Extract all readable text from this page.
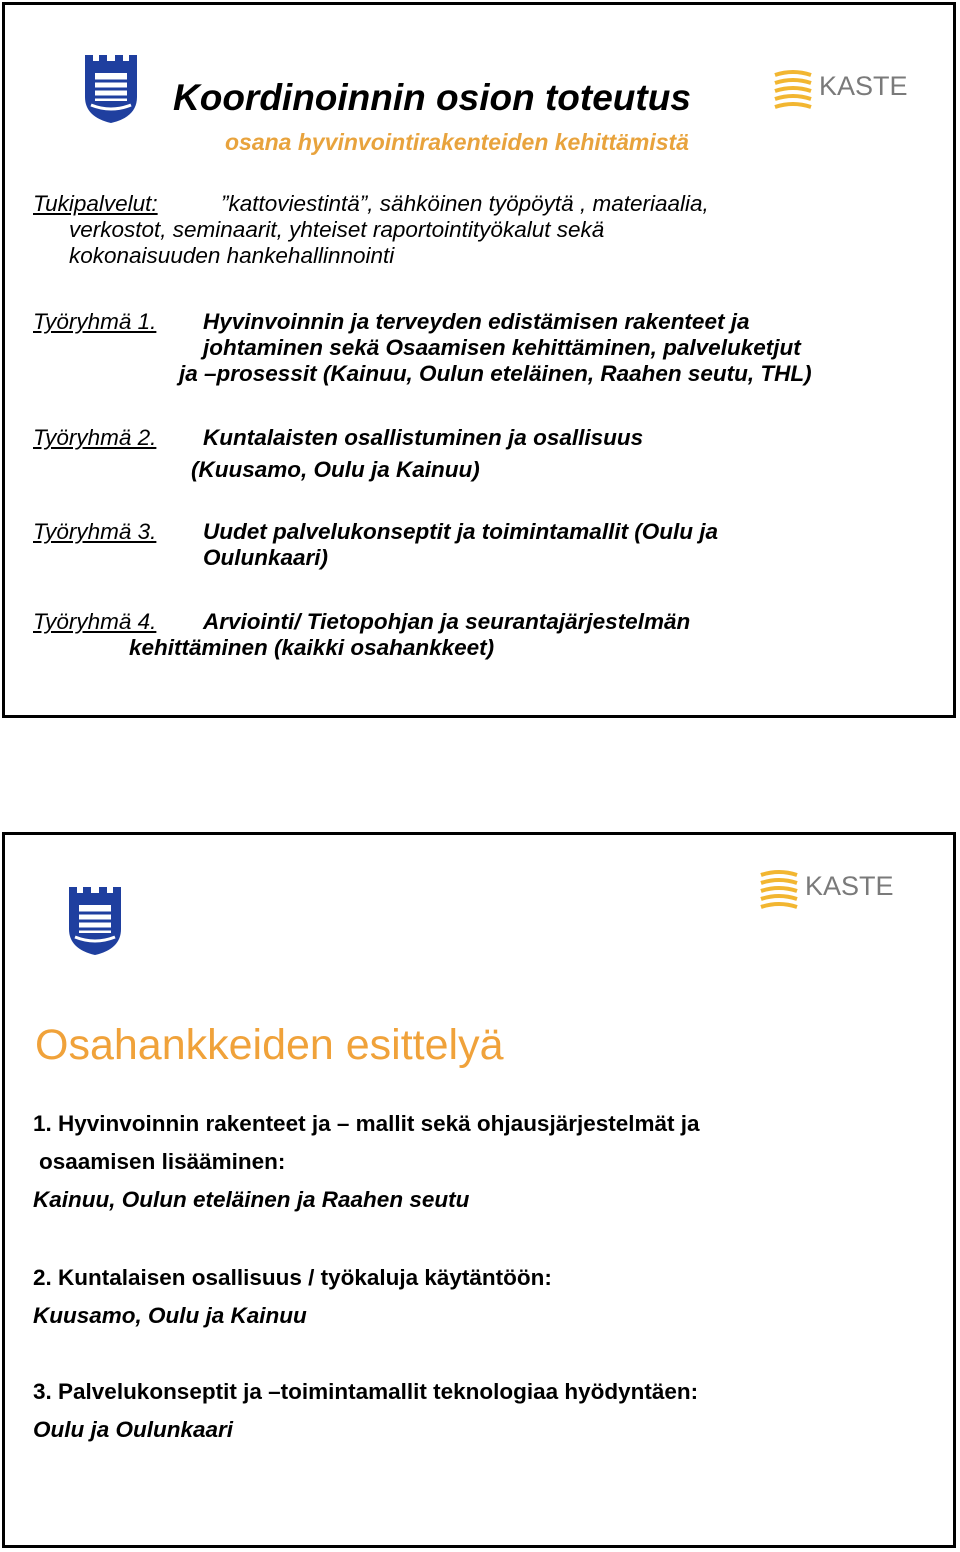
KASTE
Koordinoinnin osion toteutus
osana hyvinvointirakenteiden kehittämistä
Tukipalvelut:	”kattoviestintä”, sähköinen työpöytä , materiaalia,
verkostot, seminaarit, yhteiset raportointityökalut sekä
kokonaisuuden hankehallinnointi
Työryhmä 1. Hyvinvoinnin ja terveyden edistämisen rakenteet ja
johtaminen sekä Osaamisen kehittäminen, palveluketjut
ja –prosessit (Kainuu, Oulun eteläinen, Raahen seutu, THL)
Työryhmä 2. Kuntalaisten osallistuminen ja osallisuus
(Kuusamo, Oulu ja Kainuu)
Työryhmä 3. Uudet palvelukonseptit ja toimintamallit (Oulu ja
Oulunkaari)
Työryhmä 4. Arviointi/ Tietopohjan ja seurantajärjestelmän
kehittäminen (kaikki osahankkeet)
KASTE
Osahankkeiden esittelyä
1. Hyvinvoinnin rakenteet ja – mallit sekä ohjausjärjestelmät ja
osaamisen lisääminen:
Kainuu, Oulun eteläinen ja Raahen seutu
2. Kuntalaisen osallisuus / työkaluja käytäntöön:
Kuusamo, Oulu ja Kainuu
3. Palvelukonseptit ja –toimintamallit teknologiaa hyödyntäen:
Oulu ja Oulunkaari
